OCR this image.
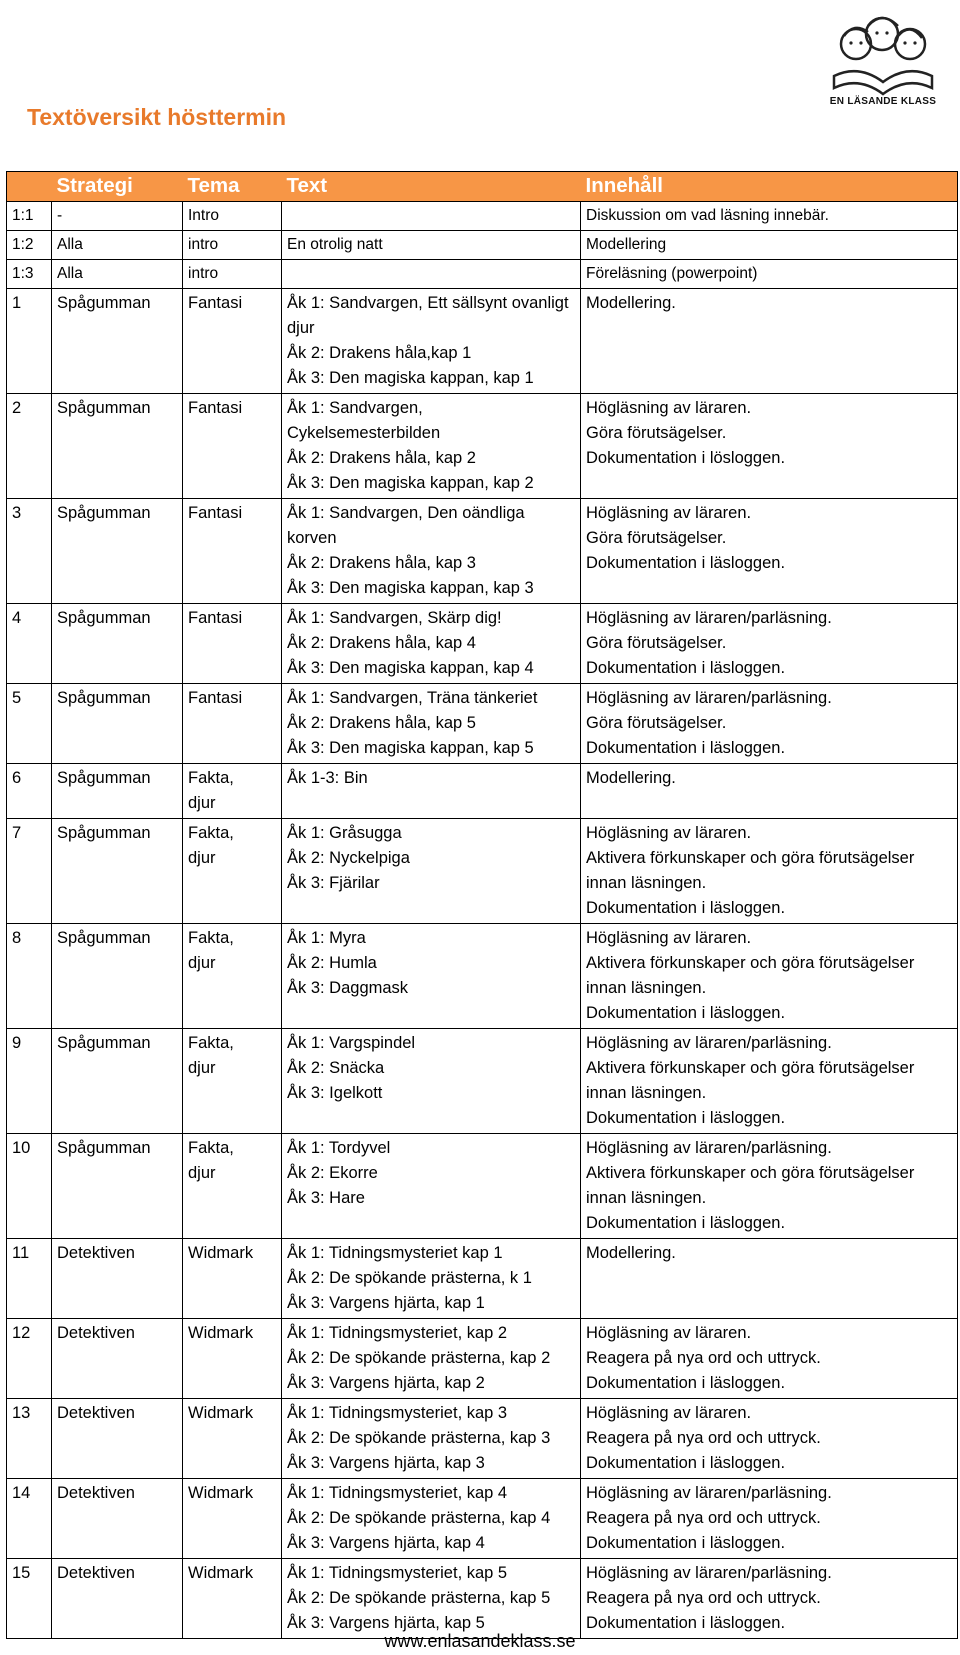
EN LÄSANDE KLASS
Textöversikt hösttermin
	Strategi	Tema	Text	Innehåll
1:1	-	Intro		Diskussion om vad läsning innebär.
1:2	Alla	intro	En otrolig natt	Modellering
1:3	Alla	intro		Föreläsning (powerpoint)
1	Spågumman	Fantasi	Åk 1: Sandvargen, Ett sällsynt ovanligt djur
Åk 2: Drakens håla,kap 1
Åk 3: Den magiska kappan, kap 1	Modellering.
2	Spågumman	Fantasi	Åk 1: Sandvargen, Cykelsemesterbilden
Åk 2: Drakens håla, kap 2
Åk 3: Den magiska kappan, kap 2	Högläsning av läraren.
Göra förutsägelser.
Dokumentation i lösloggen.
3	Spågumman	Fantasi	Åk 1: Sandvargen, Den oändliga korven
Åk 2: Drakens håla, kap 3
Åk 3: Den magiska kappan, kap 3	Högläsning av läraren.
Göra förutsägelser.
Dokumentation i läsloggen.
4	Spågumman	Fantasi	Åk 1: Sandvargen, Skärp dig!
Åk 2: Drakens håla, kap 4
Åk 3: Den magiska kappan, kap 4	Högläsning av läraren/parläsning.
Göra förutsägelser.
Dokumentation i läsloggen.
5	Spågumman	Fantasi	Åk 1: Sandvargen, Träna tänkeriet
Åk 2: Drakens håla, kap 5
Åk 3: Den magiska kappan, kap 5	Högläsning av läraren/parläsning.
Göra förutsägelser.
Dokumentation i läsloggen.
6	Spågumman	Fakta,
djur	Åk 1-3: Bin	Modellering.
7	Spågumman	Fakta,
djur	Åk 1: Gråsugga
Åk 2: Nyckelpiga
Åk 3: Fjärilar	Högläsning av läraren.
Aktivera förkunskaper och göra förutsägelser innan läsningen.
Dokumentation i läsloggen.
8	Spågumman	Fakta,
djur	Åk 1: Myra
Åk 2: Humla
Åk 3: Daggmask	Högläsning av läraren.
Aktivera förkunskaper och göra förutsägelser innan läsningen.
Dokumentation i läsloggen.
9	Spågumman	Fakta,
djur	Åk 1: Vargspindel
Åk 2: Snäcka
Åk 3: Igelkott	Högläsning av läraren/parläsning.
Aktivera förkunskaper och göra förutsägelser innan läsningen.
Dokumentation i läsloggen.
10	Spågumman	Fakta,
djur	Åk 1: Tordyvel
Åk 2: Ekorre
Åk 3: Hare	Högläsning av läraren/parläsning.
Aktivera förkunskaper och göra förutsägelser innan läsningen.
Dokumentation i läsloggen.
11	Detektiven	Widmark	Åk 1: Tidningsmysteriet kap 1
Åk 2: De spökande prästerna, k 1
Åk 3: Vargens hjärta, kap 1	Modellering.
12	Detektiven	Widmark	Åk 1: Tidningsmysteriet, kap 2
Åk 2: De spökande prästerna, kap 2
Åk 3: Vargens hjärta, kap 2	Högläsning av läraren.
Reagera på nya ord och uttryck.
Dokumentation i läsloggen.
13	Detektiven	Widmark	Åk 1: Tidningsmysteriet, kap 3
Åk 2: De spökande prästerna, kap 3
Åk 3: Vargens hjärta, kap 3	Högläsning av läraren.
Reagera på nya ord och uttryck.
Dokumentation i läsloggen.
14	Detektiven	Widmark	Åk 1: Tidningsmysteriet, kap 4
Åk 2: De spökande prästerna, kap 4
Åk 3: Vargens hjärta, kap 4	Högläsning av läraren/parläsning.
Reagera på nya ord och uttryck.
Dokumentation i läsloggen.
15	Detektiven	Widmark	Åk 1: Tidningsmysteriet, kap 5
Åk 2: De spökande prästerna, kap 5
Åk 3: Vargens hjärta, kap 5	Högläsning av läraren/parläsning.
Reagera på nya ord och uttryck.
Dokumentation i läsloggen.
www.enlasandeklass.se
